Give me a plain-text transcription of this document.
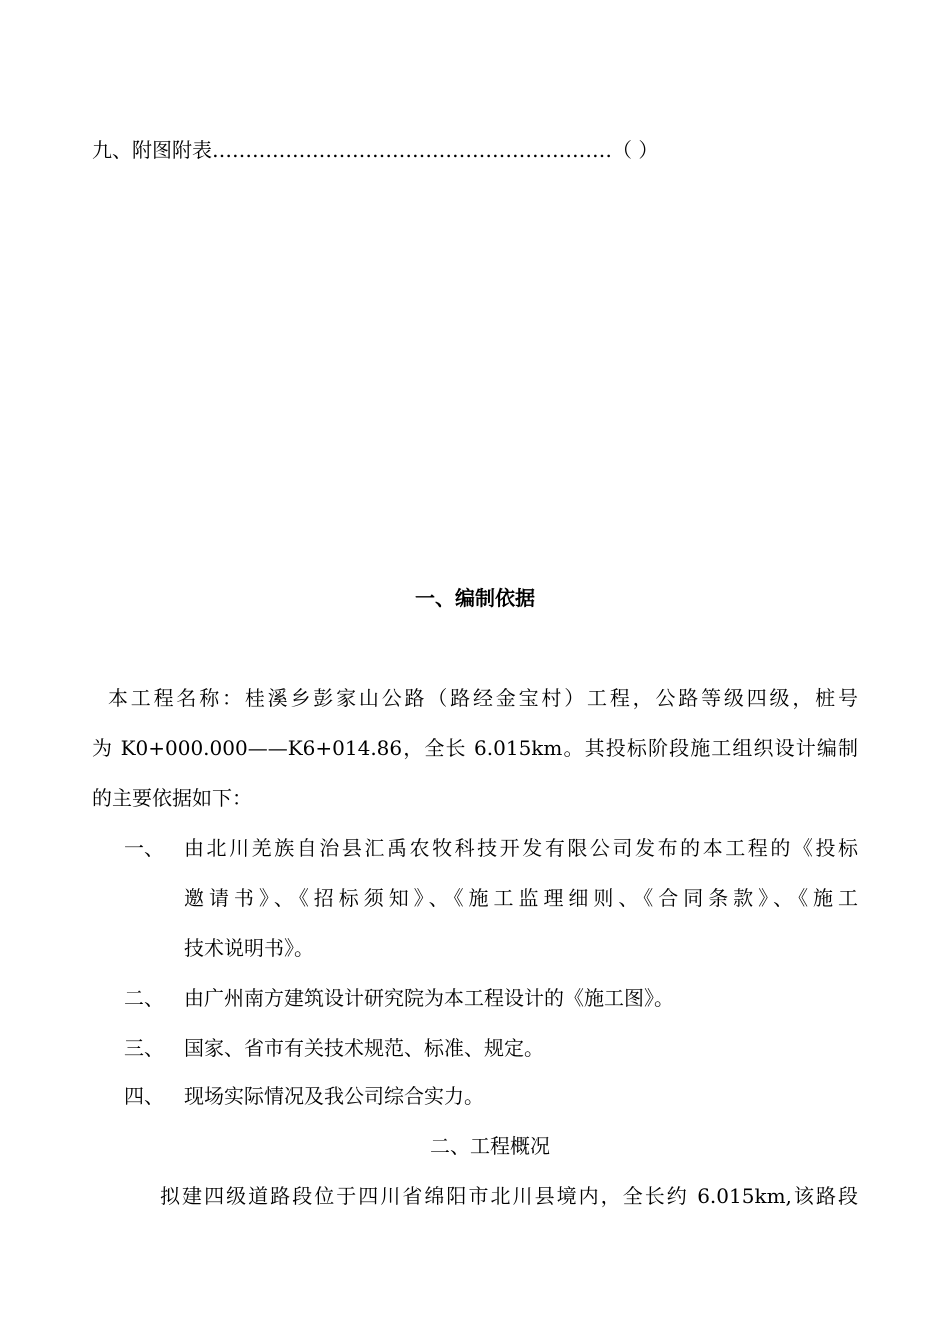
九、附图附表……………………………………………………（ ）
一、编制依据
本工程名称：桂溪乡彭家山公路（路经金宝村）工程，公路等级四级，桩号
为 K0+000.000——K6+014.86，全长 6.015km。其投标阶段施工组织设计编制
的主要依据如下：
一、 由北川羌族自治县汇禹农牧科技开发有限公司发布的本工程的《投标
邀请书》、《招标须知》、《施工监理细则、《合同条款》、《施工
技术说明书》。
二、 由广州南方建筑设计研究院为本工程设计的《施工图》。
三、 国家、省市有关技术规范、标准、规定。
四、 现场实际情况及我公司综合实力。
二、工程概况
拟建四级道路段位于四川省绵阳市北川县境内，全长约 6.015km,该路段
